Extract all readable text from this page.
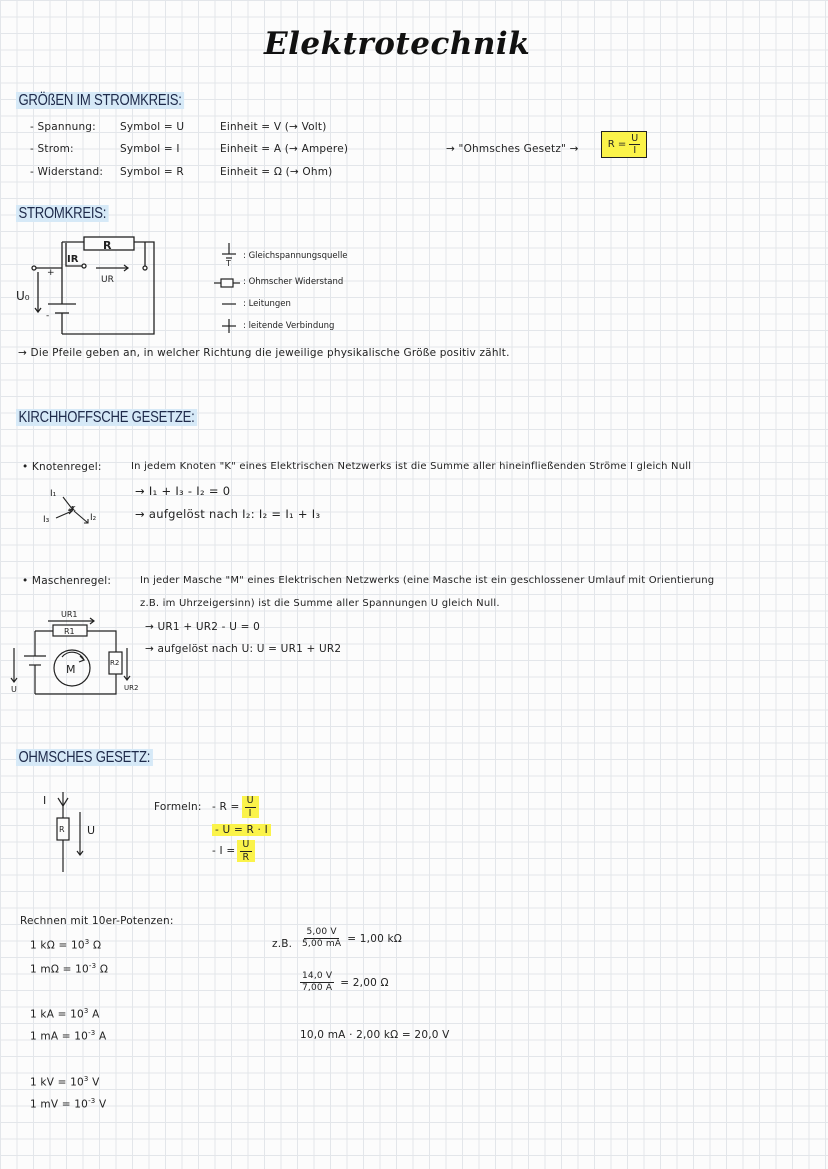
Elektrotechnik
GRÖßEN IM STROMKREIS:
- Spannung: Symbol = U	Einheit = V (→ Volt)
- Strom:	Symbol = I	Einheit = A (→ Ampere)
- Widerstand: Symbol = R	Einheit = Ω (→ Ohm)
→ "Ohmsches Gesetz" →	$R = \frac{U}{I}$
STROMKREIS:
R
IR
UR
U₀
+
-
T
: Gleichspannungsquelle
: Ohmscher Widerstand
: Leitungen
: leitende Verbindung
→ Die Pfeile geben an, in welcher Richtung die jeweilige physikalische Größe positiv zählt.
KIRCHHOFFSCHE GESETZE:
• Knotenregel:	In jedem Knoten "K" eines Elektrischen Netzwerks ist die Summe aller hineinfließenden Ströme I gleich Null
→ I₁ + I₃ - I₂ = 0
→ aufgelöst nach I₂: I₂ = I₁ + I₃
I₁
I₂
I₃
K
• Maschenregel:	In jeder Masche "M" eines Elektrischen Netzwerks (eine Masche ist ein geschlossener Umlauf mit Orientierung
z.B. im Uhrzeigersinn) ist die Summe aller Spannungen U gleich Null.
→ UR1 + UR2 - U = 0
→ aufgelöst nach U: U = UR1 + UR2
UR1
R1
R2
M
U	UR2
OHMSCHES GESETZ:
I
R U
Formeln: - $R = \frac{U}{I}$
- U = R · I
- $I = \frac{U}{R}$
Rechnen mit 10er-Potenzen:
1 $k\Omega = 10^3$ Ω
1 $m\Omega = 10^{-3}$ Ω
1 kA = $10^3$ A
1 mA = $10^{-3}$ A
1 kV = $10^3$ V
1 mV = $10^{-3}$ V
z.B. $\frac{5,00 V}{5,00 mA} = 1,00$ kΩ
$\frac{14,0 V}{7,00 A} = 2,00$ Ω
10,0 mA · 2,00 kΩ = 20,0 V
